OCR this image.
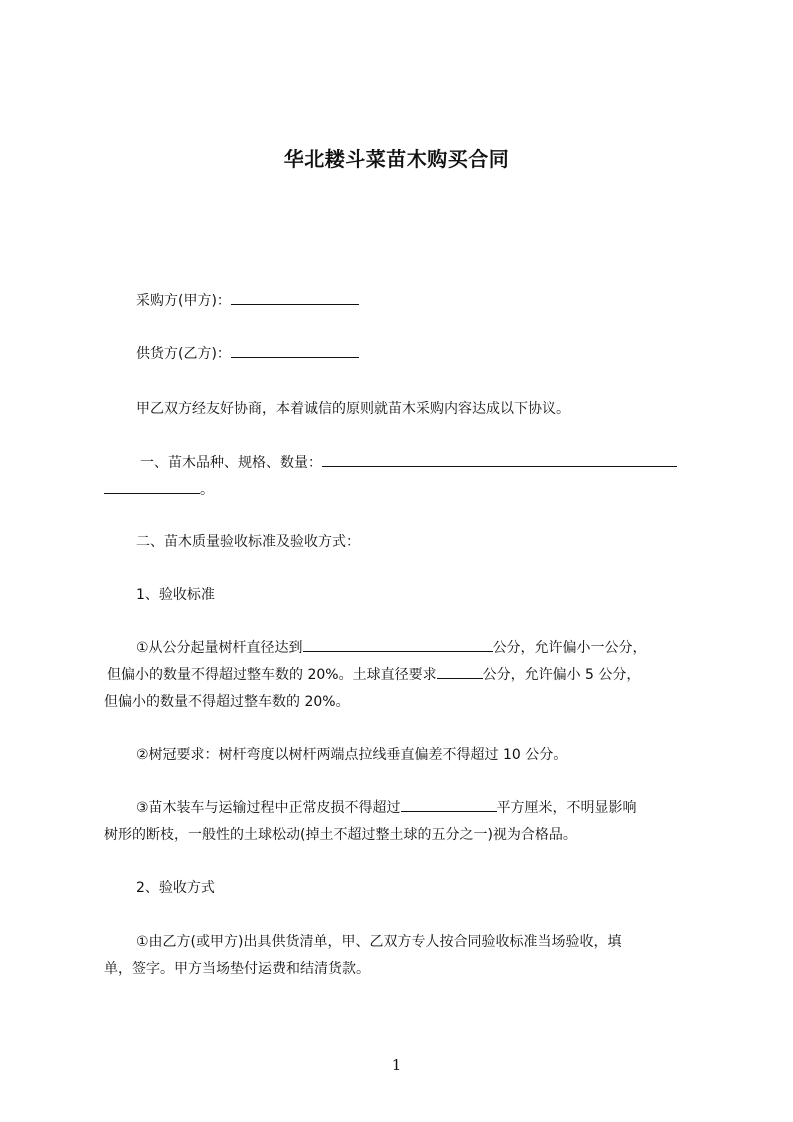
华北耧斗菜苗木购买合同
采购方(甲方)：
供货方(乙方)：
甲乙双方经友好协商，本着诚信的原则就苗木采购内容达成以下协议。
一、苗木品种、规格、数量：
。
二、苗木质量验收标准及验收方式：
1、验收标准
①从公分起量树杆直径达到	公分，允许偏小一公分，
但偏小的数量不得超过整车数的 20%。土球直径要求	公分，允许偏小 5 公分，
但偏小的数量不得超过整车数的 20%。
②树冠要求：树杆弯度以树杆两端点拉线垂直偏差不得超过 10 公分。
③苗木装车与运输过程中正常皮损不得超过	平方厘米，不明显影响
树形的断枝，一般性的土球松动(掉土不超过整土球的五分之一)视为合格品。
2、验收方式
①由乙方(或甲方)出具供货清单，甲、乙双方专人按合同验收标准当场验收，填
单，签字。甲方当场垫付运费和结清货款。
1
